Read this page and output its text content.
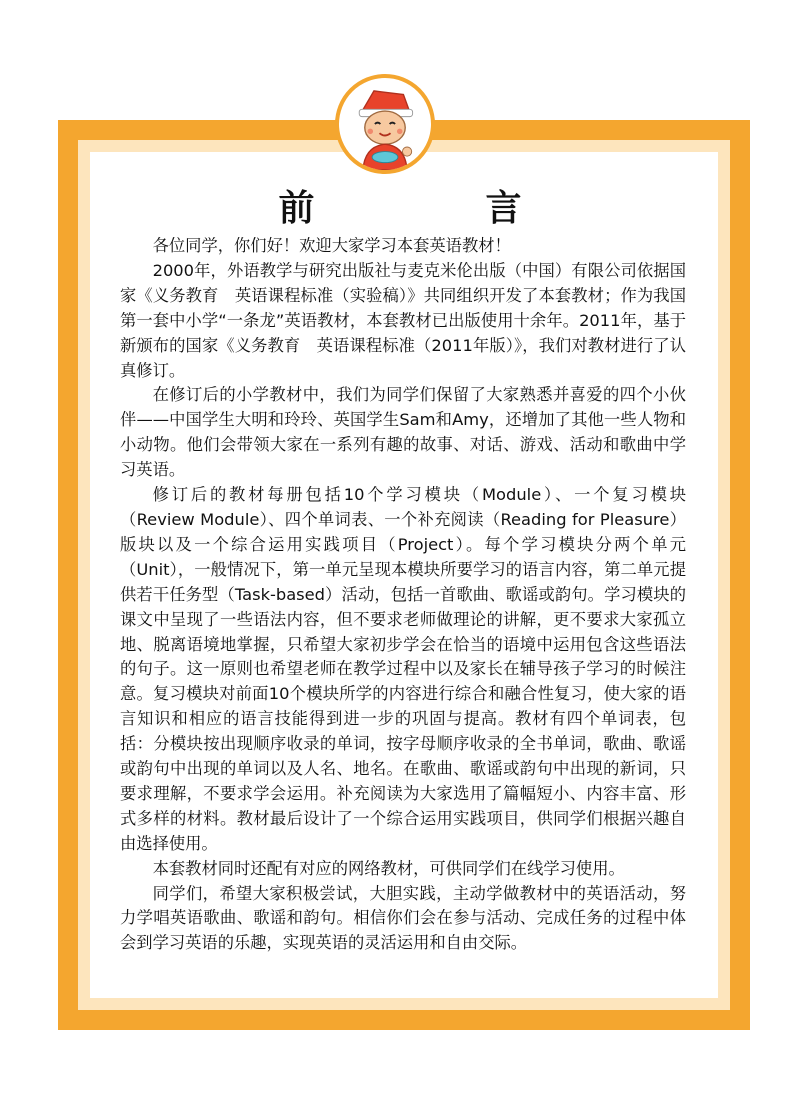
前 言

各位同学，你们好！欢迎大家学习本套英语教材！

2000年，外语教学与研究出版社与麦克米伦出版（中国）有限公司依据国家《义务教育　英语课程标准（实验稿）》共同组织开发了本套教材；作为我国第一套中小学“一条龙”英语教材，本套教材已出版使用十余年。2011年，基于新颁布的国家《义务教育　英语课程标准（2011年版）》，我们对教材进行了认真修订。

在修订后的小学教材中，我们为同学们保留了大家熟悉并喜爱的四个小伙伴——中国学生大明和玲玲、英国学生Sam和Amy，还增加了其他一些人物和小动物。他们会带领大家在一系列有趣的故事、对话、游戏、活动和歌曲中学习英语。

修订后的教材每册包括10个学习模块（Module）、一个复习模块（Review Module）、四个单词表、一个补充阅读（Reading for Pleasure）版块以及一个综合运用实践项目（Project）。每个学习模块分两个单元（Unit），一般情况下，第一单元呈现本模块所要学习的语言内容，第二单元提供若干任务型（Task-based）活动，包括一首歌曲、歌谣或韵句。学习模块的课文中呈现了一些语法内容，但不要求老师做理论的讲解，更不要求大家孤立地、脱离语境地掌握，只希望大家初步学会在恰当的语境中运用包含这些语法的句子。这一原则也希望老师在教学过程中以及家长在辅导孩子学习的时候注意。复习模块对前面10个模块所学的内容进行综合和融合性复习，使大家的语言知识和相应的语言技能得到进一步的巩固与提高。教材有四个单词表，包括：分模块按出现顺序收录的单词，按字母顺序收录的全书单词，歌曲、歌谣或韵句中出现的单词以及人名、地名。在歌曲、歌谣或韵句中出现的新词，只要求理解，不要求学会运用。补充阅读为大家选用了篇幅短小、内容丰富、形式多样的材料。教材最后设计了一个综合运用实践项目，供同学们根据兴趣自由选择使用。

本套教材同时还配有对应的网络教材，可供同学们在线学习使用。

同学们，希望大家积极尝试，大胆实践，主动学做教材中的英语活动，努力学唱英语歌曲、歌谣和韵句。相信你们会在参与活动、完成任务的过程中体会到学习英语的乐趣，实现英语的灵活运用和自由交际。
